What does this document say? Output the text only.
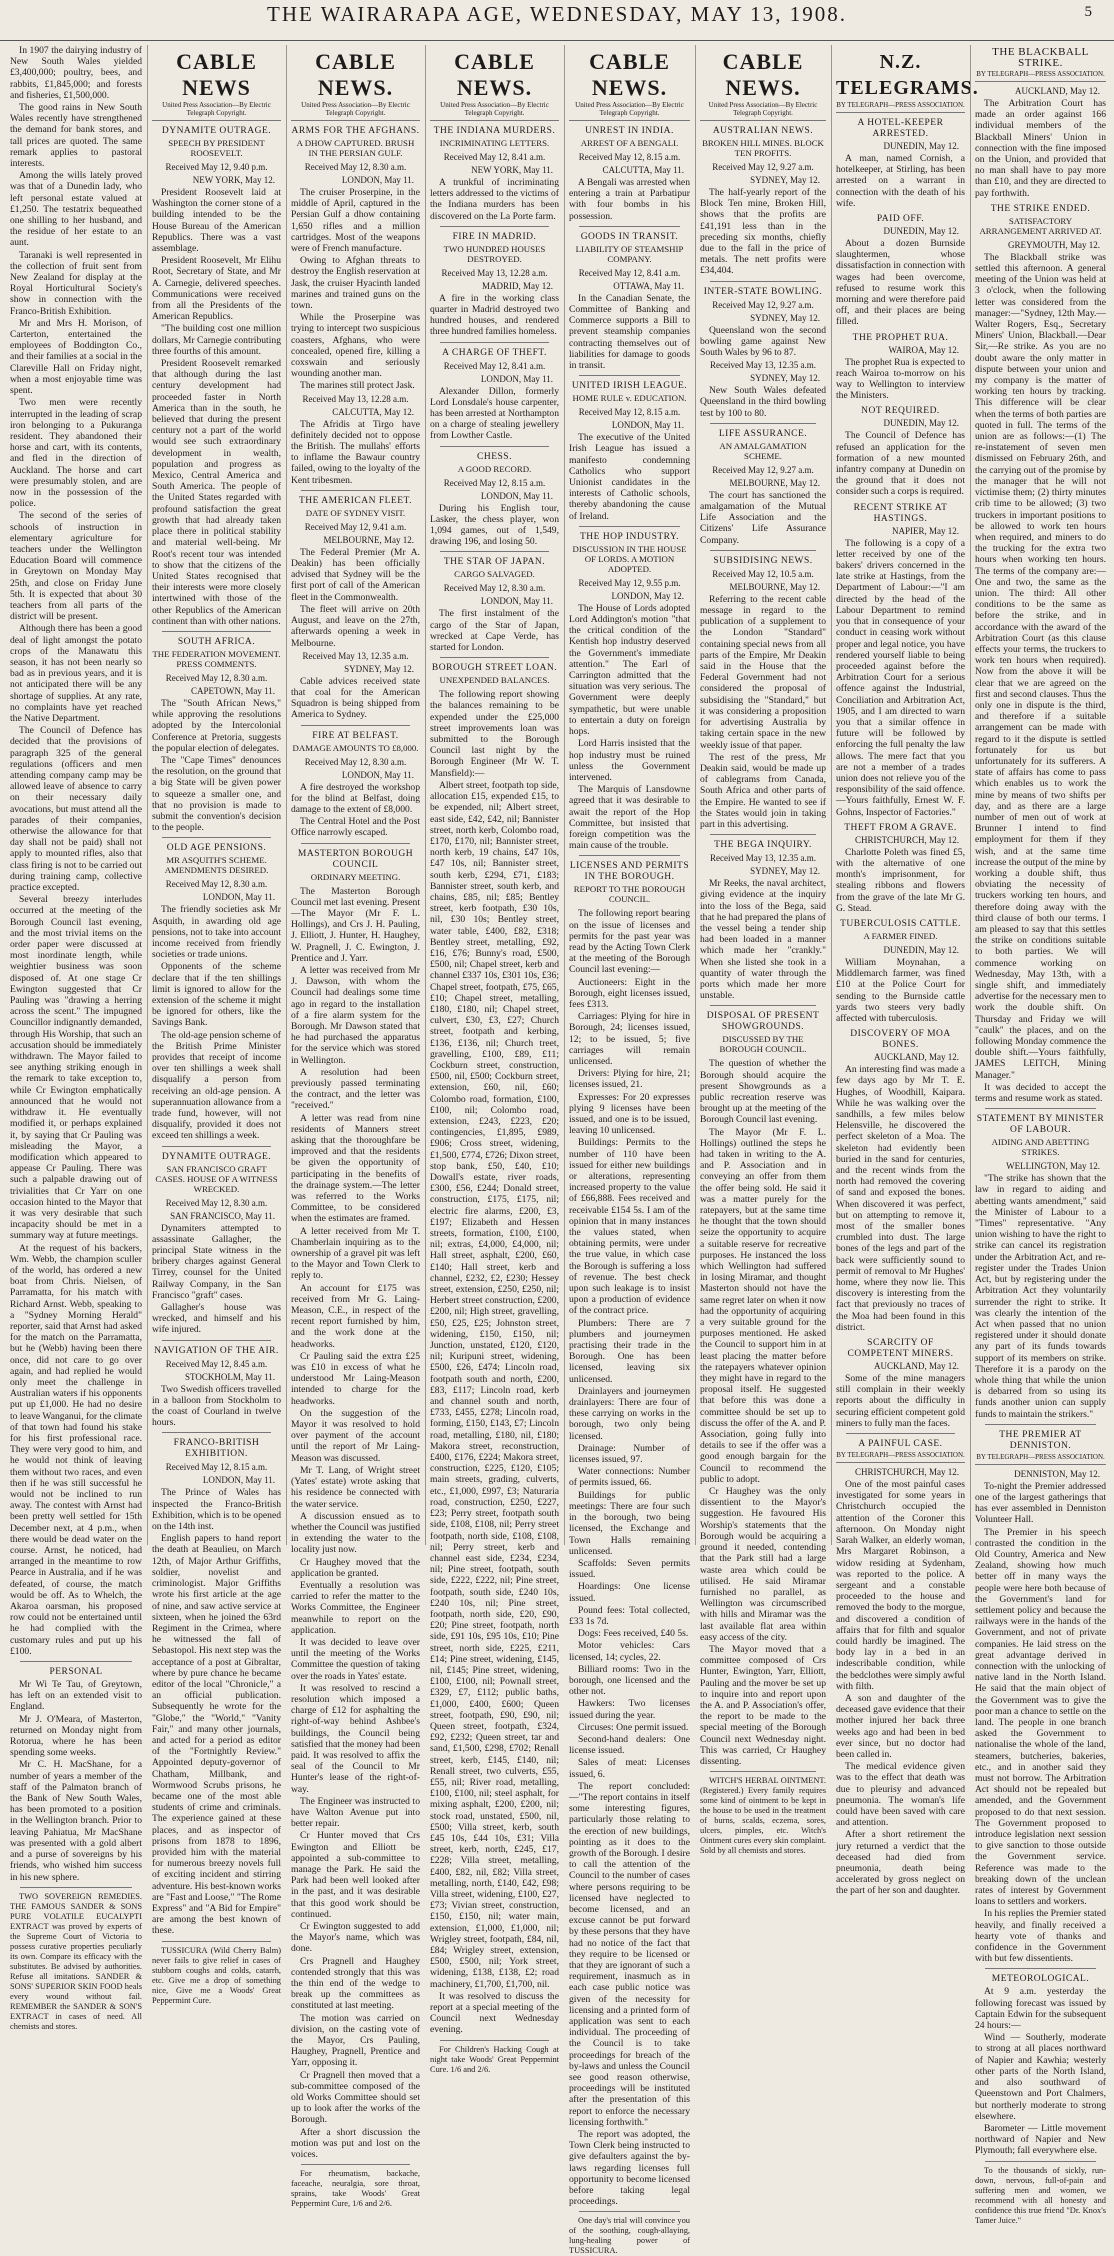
THE WAIRARAPA AGE, WEDNESDAY, MAY 13, 1908.	5

In 1907 the dairying industry of New South Wales yielded £3,400,000; poultry, bees, and rabbits, £1,845,000; and forests and fisheries, £1,500,000.

The good rains in New South Wales recently have strengthened the demand for bank stores, and tall prices are quoted. The same remark applies to pastoral interests.

Among the wills lately proved was that of a Dunedin lady, who left personal estate valued at £1,250. The testatrix bequeathed one shilling to her husband, and the residue of her estate to an aunt.

Taranaki is well represented in the collection of fruit sent from New Zealand for display at the Royal Horticultural Society's show in connection with the Franco-British Exhibition.

Mr and Mrs H. Morison, of Carterton, entertained the employees of Boddington Co., and their families at a social in the Clareville Hall on Friday night, when a most enjoyable time was spent.

Two men were recently interrupted in the leading of scrap iron belonging to a Pukuranga resident. They abandoned their horse and cart, with its contents, and fled in the direction of Auckland. The horse and cart were presumably stolen, and are now in the possession of the police.

The second of the series of schools of instruction in elementary agriculture for teachers under the Wellington Education Board will commence in Greytown on Monday May 25th, and close on Friday June 5th. It is expected that about 30 teachers from all parts of the district will be present.

Although there has been a good deal of light amongst the potato crops of the Manawatu this season, it has not been nearly so bad as in previous years, and it is not anticipated there will be any shortage of supplies. At any rate, no complaints have yet reached the Native Department.

The Council of Defence has decided that the provisions of paragraph 325 of the general regulations (officers and men attending company camp may be allowed leave of absence to carry on their necessary daily avocations, but must attend all the parades of their companies, otherwise the allowance for that day shall not be paid) shall not apply to mounted rifles, also that class firing is not to be carried out during training camp, collective practice excepted.

Several breezy interludes occurred at the meeting of the Borough Council last evening, and the most trivial items on the order paper were discussed at most inordinate length, while weightier business was soon disposed of. At one stage Cr Ewington suggested that Cr Pauling was "drawing a herring across the scent." The impugned Councillor indignantly demanded, through His Worship, that such an accusation should be immediately withdrawn. The Mayor failed to see anything striking enough in the remark to take exception to, while Cr Ewington emphatically announced that he would not withdraw it. He eventually modified it, or perhaps explained it, by saying that Cr Pauling was misleading the Mayor, a modification which appeared to appease Cr Pauling. There was such a palpable drawing out of trivialities that Cr Yarr on one occasion hinted to the Mayor that it was very desirable that such incapacity should be met in a summary way at future meetings.

At the request of his backers, Wm. Webb, the champion sculler of the world, has ordered a new boat from Chris. Nielsen, of Parramatta, for his match with Richard Arnst. Webb, speaking to a "Sydney Morning Herald" reporter, said that Arnst had asked for the match on the Parramatta, but he (Webb) having been there once, did not care to go over again, and had replied he would only meet the challenge in Australian waters if his opponents put up £1,000. He had no desire to leave Wanganui, for the climate of that town had found his stake for his first professional race. They were very good to him, and he would not think of leaving them without two races, and even then if he was still successful he would not be inclined to run away. The contest with Arnst had been pretty well settled for 15th December next, at 4 p.m., when there would be dead water on the course. Arnst, he noticed, had arranged in the meantime to row Pearce in Australia, and if he was defeated, of course, the match would be off. As to Whelch, the Akaroa oarsman, his proposed row could not be entertained until he had complied with the customary rules and put up his £100.

PERSONAL

Mr Wi Te Tau, of Greytown, has left on an extended visit to England.

Mr J. O'Meara, of Masterton, returned on Monday night from Rotorua, where he has been spending some weeks.

Mr C. H. MacShane, for a number of years a member of the staff of the Palmaton branch of the Bank of New South Wales, has been promoted to a position in the Wellington branch. Prior to leaving Pahiatua, Mr MacShane was presented with a gold albert and a purse of sovereigns by his friends, who wished him success in his new sphere.

TWO SOVEREIGN REMEDIES. THE FAMOUS SANDER & SONS PURE VOLATILE EUCALYPTI EXTRACT was proved by experts of the Supreme Court of Victoria to possess curative properties peculiarly its own. Compare its efficacy with the substitutes. Be advised by authorities. Refuse all imitations. SANDER & SONS' SUPERIOR SKIN FOOD heals every wound without fail. REMEMBER the SANDER & SON'S EXTRACT in cases of need. All chemists and stores.

CABLE NEWS
United Press Association—By Electric Telegraph Copyright.
DYNAMITE OUTRAGE.
SPEECH BY PRESIDENT ROOSEVELT.
Received May 12, 9.40 p.m.
NEW YORK, May 12.

President Roosevelt laid at Washington the corner stone of a building intended to be the House Bureau of the American Republics. There was a vast assemblage.

President Roosevelt, Mr Elihu Root, Secretary of State, and Mr A. Carnegie, delivered speeches. Communications were received from all the Presidents of the American Republics.

"The building cost one million dollars, Mr Carnegie contributing three fourths of this amount.

President Roosevelt remarked that although during the last century development had proceeded faster in North America than in the south, he believed that during the present century not a part of the world would see such extraordinary development in wealth, population and progress as Mexico, Central America and South America. The people of the United States regarded with profound satisfaction the great growth that had already taken place there in political stability and material well-being. Mr Root's recent tour was intended to show that the citizens of the United States recognised that their interests were more closely intertwined with those of the other Republics of the American continent than with other nations.

SOUTH AFRICA.
THE FEDERATION MOVEMENT. PRESS COMMENTS.
Received May 12, 8.30 a.m.
CAPETOWN, May 11.

The "South African News," while approving the resolutions adopted by the Intercolonial Conference at Pretoria, suggests the popular election of delegates.

The "Cape Times" denounces the resolution, on the ground that a big State will be given power to squeeze a smaller one, and that no provision is made to submit the convention's decision to the people.

OLD AGE PENSIONS.
MR ASQUITH'S SCHEME. AMENDMENTS DESIRED.
Received May 12, 8.30 a.m.
LONDON, May 11.

The friendly societies ask Mr Asquith, in awarding old age pensions, not to take into account income received from friendly societies or trade unions.

Opponents of the scheme declare that if the ten shillings limit is ignored to allow for the extension of the scheme it might be ignored for others, like the Savings Bank.

The old-age pension scheme of the British Prime Minister provides that receipt of income over ten shillings a week shall disqualify a person from receiving an old-age pension. A superannuation allowance from a trade fund, however, will not disqualify, provided it does not exceed ten shillings a week.

DYNAMITE OUTRAGE.
SAN FRANCISCO GRAFT CASES. HOUSE OF A WITNESS WRECKED.
Received May 12, 8.30 a.m.
SAN FRANCISCO, May 11.

Dynamiters attempted to assassinate Gallagher, the principal State witness in the bribery charges against General Tirrey, counsel for the United Railway Company, in the San Francisco "graft" cases.

Gallagher's house was wrecked, and himself and his wife injured.

NAVIGATION OF THE AIR.
Received May 12, 8.45 a.m.
STOCKHOLM, May 11.

Two Swedish officers travelled in a balloon from Stockholm to the coast of Courland in twelve hours.

FRANCO-BRITISH EXHIBITION.
Received May 12, 8.15 a.m.
LONDON, May 11.

The Prince of Wales has inspected the Franco-British Exhibition, which is to be opened on the 14th inst.

English papers to hand report the death at Beaulieu, on March 12th, of Major Arthur Griffiths, soldier, novelist and criminologist. Major Griffiths wrote his first article at the age of nine, and saw active service at sixteen, when he joined the 63rd Regiment in the Crimea, where he witnessed the fall of Sebastopol. His next step was the acceptance of a post at Gibraltar, where by pure chance he became editor of the local "Chronicle," a an official publication. Subsequently he wrote for the "Globe," the "World," "Vanity Fair," and many other journals, and acted for a period as editor of the "Fortnightly Review." Appointed deputy-governor of Chatham, Millbank, and Wormwood Scrubs prisons, he became one of the most able students of crime and criminals. The experience gained at these places, and as inspector of prisons from 1878 to 1896, provided him with the material for numerous breezy novels full of exciting incident and stirring adventure. His best-known works are "Fast and Loose," "The Rome Express" and "A Bid for Empire" are among the best known of these.

TUSSICURA (Wild Cherry Balm) never fails to give relief in cases of stubborn coughs and colds, catarrh, etc. Give me a drop of something nice, Give me a Woods' Great Peppermint Cure.

CABLE NEWS.
United Press Association—By Electric Telegraph Copyright.
ARMS FOR THE AFGHANS.
A DHOW CAPTURED. BRUSH IN THE PERSIAN GULF.
Received May 12, 8.30 a.m.
LONDON, May 11.

The cruiser Proserpine, in the middle of April, captured in the Persian Gulf a dhow containing 1,650 rifles and a million cartridges. Most of the weapons were of French manufacture.

Owing to Afghan threats to destroy the English reservation at Jask, the cruiser Hyacinth landed marines and trained guns on the town.

While the Proserpine was trying to intercept two suspicious coasters, Afghans, who were concealed, opened fire, killing a coxswain and seriously wounding another man.

The marines still protect Jask.

Received May 13, 12.28 a.m.
CALCUTTA, May 12.

The Afridis at Tirgo have definitely decided not to oppose the British. The mullahs' efforts to inflame the Bawaur country failed, owing to the loyalty of the Kent tribesmen.

THE AMERICAN FLEET.
DATE OF SYDNEY VISIT.
Received May 12, 9.41 a.m.
MELBOURNE, May 12.

The Federal Premier (Mr A. Deakin) has been officially advised that Sydney will be the first port of call of the American fleet in the Commonwealth.

The fleet will arrive on 20th August, and leave on the 27th, afterwards opening a week in Melbourne.

Received May 13, 12.35 a.m.
SYDNEY, May 12.

Cable advices received state that coal for the American Squadron is being shipped from America to Sydney.

FIRE AT BELFAST.
DAMAGE AMOUNTS TO £8,000.
Received May 12, 8.30 a.m.
LONDON, May 11.

A fire destroyed the workshop for the blind at Belfast, doing damage to the extent of £8,000.

The Central Hotel and the Post Office narrowly escaped.

MASTERTON BOROUGH COUNCIL
ORDINARY MEETING.

The Masterton Borough Council met last evening. Present—The Mayor (Mr F. L. Hollings), and Crs J. H. Pauling, J. Elliott, J. Hunter, H. Haughey, W. Pragnell, J. C. Ewington, J. Prentice and J. Yarr.

A letter was received from Mr J. Dawson, with whom the Council had dealings some time ago in regard to the installation of a fire alarm system for the Borough. Mr Dawson stated that he had purchased the apparatus for the service which was stored in Wellington.

A resolution had been previously passed terminating the contract, and the letter was "received."

A letter was read from nine residents of Manners street asking that the thoroughfare be improved and that the residents be given the opportunity of participating in the benefits of the drainage system.—The letter was referred to the Works Committee, to be considered when the estimates are framed.

A letter received from Mr T. Chamberlain inquiring as to the ownership of a gravel pit was left to the Mayor and Town Clerk to reply to.

An account for £175 was received from Mr G. Laing-Meason, C.E., in respect of the recent report furnished by him, and the work done at the headworks.

Cr Pauling said the extra £25 was £10 in excess of what he understood Mr Laing-Meason intended to charge for the headworks.

On the suggestion of the Mayor it was resolved to hold over payment of the account until the report of Mr Laing-Meason was discussed.

Mr T. Lang, of Wright street (Yates' estate) wrote asking that his residence be connected with the water service.

A discussion ensued as to whether the Council was justified in extending the water to the locality just now.

Cr Haughey moved that the application be granted.

Eventually a resolution was carried to refer the matter to the Works Committee, the Engineer meanwhile to report on the application.

It was decided to leave over until the meeting of the Works Committee the question of taking over the roads in Yates' estate.

It was resolved to rescind a resolution which imposed a charge of £12 for asphalting the right-of-way behind Ashbee's buildings, the Council being satisfied that the money had been paid. It was resolved to affix the seal of the Council to Mr Hunter's lease of the right-of-way.

The Engineer was instructed to have Walton Avenue put into better repair.

Cr Hunter moved that Crs Ewington and Elliott be appointed a sub-committee to manage the Park. He said the Park had been well looked after in the past, and it was desirable that this good work should be continued.

Cr Ewington suggested to add the Mayor's name, which was done.

Crs Pragnell and Haughey contended strongly that this was the thin end of the wedge to break up the committees as constituted at last meeting.

The motion was carried on division, on the casting vote of the Mayor, Crs Pauling, Haughey, Pragnell, Prentice and Yarr, opposing it.

Cr Pragnell then moved that a sub-committee composed of the old Works Committee should set up to look after the works of the Borough.

After a short discussion the motion was put and lost on the voices.

For rheumatism, backache, faceache, neuralgia, sore throat, sprains, take Woods' Great Peppermint Cure, 1/6 and 2/6.

CABLE NEWS.
United Press Association—By Electric Telegraph Copyright.
THE INDIANA MURDERS.
INCRIMINATING LETTERS.
Received May 12, 8.41 a.m.
NEW YORK, May 11.

A trunkful of incriminating letters addressed to the victims of the Indiana murders has been discovered on the La Porte farm.

FIRE IN MADRID.
TWO HUNDRED HOUSES DESTROYED.
Received May 13, 12.28 a.m.
MADRID, May 12.

A fire in the working class quarter in Madrid destroyed two hundred houses, and rendered three hundred families homeless.

A CHARGE OF THEFT.
Received May 12, 8.41 a.m.
LONDON, May 11.

Alexander Dillon, formerly Lord Lonsdale's house carpenter, has been arrested at Northampton on a charge of stealing jewellery from Lowther Castle.

CHESS.
A GOOD RECORD.
Received May 12, 8.15 a.m.
LONDON, May 11.

During his English tour, Lasker, the chess player, won 1,094 games, out of 1,549, drawing 196, and losing 50.

THE STAR OF JAPAN.
CARGO SALVAGED.
Received May 12, 8.30 a.m.
LONDON, May 11.

The first instalment of the cargo of the Star of Japan, wrecked at Cape Verde, has started for London.

BOROUGH STREET LOAN.
UNEXPENDED BALANCES.

The following report showing the balances remaining to be expended under the £25,000 street improvements loan was submitted to the Borough Council last night by the Borough Engineer (Mr W. T. Mansfield):—

Albert street, footpath top side, allocation £15, expended £15, to be expended, nil; Albert street, east side, £42, £42, nil; Bannister street, north kerb, Colombo road, £170, £170, nil; Bannister street, north kerb, 19 chains, £47 10s, £47 10s, nil; Bannister street, south kerb, £294, £71, £183; Bannister street, south kerb, and chains, £85, nil; £85; Bentley street, kerb footpath, £30 10s, nil, £30 10s; Bentley street, water table, £400, £82, £318; Bentley street, metalling, £92, £16, £76; Bunny's road, £500, £500, nil; Chapel street, kerb and channel £337 10s, £301 10s, £36; Chapel street, footpath, £75, £65, £10; Chapel street, metalling, £180, £180, nil; Chapel street, culvert, £30, £3, £27; Church street, footpath and kerbing, £136, £136, nil; Church treet, gravelling, £100, £89, £11; Cockburn street, construction, £500, nil, £500; Cockburn street, extension, £60, nil, £60; Colombo road, formation, £100, £100, nil; Colombo road, extension, £243, £223, £20; contingencies, £1,895, £989, £906; Cross street, widening, £1,500, £774, £726; Dixon street, stop bank, £50, £40, £10; Dowall's estate, river roads, £300, £56, £244; Donald street, construction, £175, £175, nil; electric fire alarms, £200, £3, £197; Elizabeth and Hessen streets, formation, £100, £100, nil; extras, £4,000, £4,000, nil; Hall street, asphalt, £200, £60, £140; Hall street, kerb and channel, £232, £2, £230; Hessey street, extension, £250, £250, nil; Herbert street construction, £200, £200, nil; High street, gravelling, £50, £25, £25; Johnston street, widening, £150, £150, nil; Junction, unstated, £120, £120, nil; Kuripuni street, widening, £500, £26, £474; Lincoln road, footpath south and north, £200, £83, £117; Lincoln road, kerb and channel south and north, £733, £455, £278; Lincoln road, forming, £150, £143, £7; Lincoln road, metalling, £180, nil, £180; Makora street, reconstruction, £400, £176, £224; Makora street, construction, £225, £120, £105; main streets, grading, culverts, etc., £1,000, £997, £3; Naturaria road, construction, £250, £227, £23; Perry street, footpath south side, £108, £108, nil; Perry street footpath, north side, £108, £108, nil; Perry street, kerb and channel east side, £234, £234, nil; Pine street, footpath, south side, £222, £222, nil; Pine street, footpath, south side, £240 10s, £240 10s, nil; Pine street, footpath, north side, £20, £90, £20; Pine street, footpath, north side, £91 10s, £95 10s, £10; Pine street, north side, £225, £211, £14; Pine street, widening, £145, nil, £145; Pine street, widening, £100, £100, nil; Pownall street, £329, £7, £112; public baths, £1,000, £400, £600; Queen street, footpath, £90, £90, nil; Queen street, footpath, £324, £92, £232; Queen street, tar and sand, £1,500, £298, £702; Renall street, kerb, £145, £140, nil; Renall street, two culverts, £55, £55, nil; River road, metalling, £100, £100, nil; steel asphalt, for mixing asphalt, £200, £200, nil; stock road, unstated, £500, nil, £500; Villa street, kerb, south £45 10s, £44 10s, £31; Villa street, kerb, north, £245, £17, £228; Villa street, metalling, £400, £82, nil, £82; Villa street, metalling, north, £140, £42, £98; Villa street, widening, £100, £27, £73; Vivian street, construction, £150, £150, nil; water main, extension, £1,000, £1,000, nil; Wrigley street, footpath, £84, nil, £84; Wrigley street, extension, £500, £500, nil; York street, widening, £138, £138, £2; road machinery, £1,700, £1,700, nil.

It was resolved to discuss the report at a special meeting of the Council next Wednesday evening.

For Children's Hacking Cough at night take Woods' Great Peppermint Cure. 1/6 and 2/6.

CABLE NEWS.
United Press Association—By Electric Telegraph Copyright.
UNREST IN INDIA.
ARREST OF A BENGALI.
Received May 12, 8.15 a.m.
CALCUTTA, May 11.

A Bengali was arrested when entering a train at Parbatipur with four bombs in his possession.

GOODS IN TRANSIT.
LIABILITY OF STEAMSHIP COMPANY.
Received May 12, 8.41 a.m.
OTTAWA, May 11.

In the Canadian Senate, the Committee of Banking and Commerce supports a Bill to prevent steamship companies contracting themselves out of liabilities for damage to goods in transit.

UNITED IRISH LEAGUE.
HOME RULE v. EDUCATION.
Received May 12, 8.15 a.m.
LONDON, May 11.

The executive of the United Irish League has issued a manifesto condemning Catholics who support Unionist candidates in the interests of Catholic schools, thereby abandoning the cause of Ireland.

THE HOP INDUSTRY.
DISCUSSION IN THE HOUSE OF LORDS. A MOTION ADOPTED.
Received May 12, 9.55 p.m.
LONDON, May 12.

The House of Lords adopted Lord Addington's motion "that the critical condition of the Kentish hop industry deserved the Government's immediate attention." The Earl of Carrington admitted that the situation was very serious. The Government were deeply sympathetic, but were unable to entertain a duty on foreign hops.

Lord Harris insisted that the hop industry must be ruined unless the Government intervened.

The Marquis of Lansdowne agreed that it was desirable to await the report of the Hop Committee, but insisted that foreign competition was the main cause of the trouble.

LICENSES AND PERMITS IN THE BOROUGH.
REPORT TO THE BOROUGH COUNCIL.

The following report bearing on the issue of licenses and permits for the past year was read by the Acting Town Clerk at the meeting of the Borough Council last evening:—

Auctioneers: Eight in the Borough, eight licenses issued, fees £313.

Carriages: Plying for hire in Borough, 24; licenses issued, 12; to be issued, 5; five carriages will remain unlicensed.

Drivers: Plying for hire, 21; licenses issued, 21.

Expresses: For 20 expresses plying 9 licenses have been issued, and one is to be issued, leaving 10 unlicensed.

Buildings: Permits to the number of 110 have been issued for either new buildings or alterations, representing increased property to the value of £66,888. Fees received and receivable £154 5s. I am of the opinion that in many instances the values stated, when obtaining permits, were under the true value, in which case the Borough is suffering a loss of revenue. The best check upon such leakage is to insist upon a production of evidence of the contract price.

Plumbers: There are 7 plumbers and journeymen practising their trade in the Borough. One has been licensed, leaving six unlicensed.

Drainlayers and journeymen drainlayers: There are four of these carrying on works in the borough, two only being licensed.

Drainage: Number of licenses issued, 97.

Water connections: Number of permits issued, 66.

Buildings for public meetings: There are four such in the borough, two being licensed, the Exchange and Town Halls remaining unlicensed.

Scaffolds: Seven permits issued.

Hoardings: One license issued.

Pound fees: Total collected, £33 1s 7d.

Dogs: Fees received, £40 5s.

Motor vehicles: Cars licensed, 14; cycles, 22.

Billiard rooms: Two in the borough, one licensed and the other not.

Hawkers: Two licenses issued during the year.

Circuses: One permit issued.

Second-hand dealers: One license issued.

Sales of meat: Licenses issued, 6.

The report concluded:—"The report contains in itself some interesting figures, particularly those relating to the erection of new buildings, pointing as it does to the growth of the Borough. I desire to call the attention of the Council to the number of cases where persons requiring to be licensed have neglected to become licensed, and an excuse cannot be put forward by these persons that they have had no notice of the fact that they require to be licensed or that they are ignorant of such a requirement, inasmuch as in each case public notice was given of the necessity for licensing and a printed form of application was sent to each individual. The proceeding of the Council is to take proceedings for breach of the by-laws and unless the Council see good reason otherwise, proceedings will be instituted after the presentation of this report to enforce the necessary licensing forthwith."

The report was adopted, the Town Clerk being instructed to give defaulters against the by-laws regarding licenses full opportunity to become licensed before taking legal proceedings.

One day's trial will convince you of the soothing, cough-allaying, lung-healing power of TUSSICURA.

CABLE NEWS.
United Press Association—By Electric Telegraph Copyright.
AUSTRALIAN NEWS.
BROKEN HILL MINES. BLOCK TEN PROFITS.
Received May 12, 9.27 a.m.
SYDNEY, May 12.

The half-yearly report of the Block Ten mine, Broken Hill, shows that the profits are £41,191 less than in the preceding six months, chiefly due to the fall in the price of metals. The nett profits were £34,404.

INTER-STATE BOWLING.
Received May 12, 9.27 a.m.
SYDNEY, May 12.

Queensland won the second bowling game against New South Wales by 96 to 87.

Received May 13, 12.35 a.m.
SYDNEY, May 12.

New South Wales defeated Queensland in the third bowling test by 100 to 80.

LIFE ASSURANCE.
AN AMALGAMATION SCHEME.
Received May 12, 9.27 a.m.
MELBOURNE, May 12.

The court has sanctioned the amalgamation of the Mutual Life Association and the Citizens' Life Assurance Company.

SUBSIDISING NEWS.
Received May 12, 10.5 a.m.
MELBOURNE, May 12.

Referring to the recent cable message in regard to the publication of a supplement to the London "Standard" containing special news from all parts of the Empire, Mr Deakin said in the House that the Federal Government had not considered the proposal of subsidising the "Standard," but it was considering a proposition for advertising Australia by taking certain space in the new weekly issue of that paper.

The rest of the press, Mr Deakin said, would be made up of cablegrams from Canada, South Africa and other parts of the Empire. He wanted to see if the States would join in taking part in this advertising.

THE BEGA INQUIRY.
Received May 13, 12.35 a.m.
SYDNEY, May 12.

Mr Reeks, the naval architect, giving evidence at the inquiry into the loss of the Bega, said that he had prepared the plans of the vessel being a tender ship had been loaded in a manner which made her "crankly." When she listed she took in a quantity of water through the ports which made her more unstable.

DISPOSAL OF PRESENT SHOWGROUNDS.
DISCUSSED BY THE BOROUGH COUNCIL.

The question of whether the Borough should acquire the present Showgrounds as a public recreation reserve was brought up at the meeting of the Borough Council last evening.

The Mayor (Mr F. L. Hollings) outlined the steps he had taken in writing to the A. and P. Association and in conveying an offer from them the offer being sold. He said it was a matter purely for the ratepayers, but at the same time he thought that the town should seize the opportunity to acquire a suitable reserve for recreative purposes. He instanced the loss which Wellington had suffered in losing Miramar, and thought Masterton should not have the same regret later on when it now had the opportunity of acquiring a very suitable ground for the purposes mentioned. He asked the Council to support him in at least placing the matter before the ratepayers whatever opinion they might have in regard to the proposal itself. He suggested that before this was done a committee should be set up to discuss the offer of the A. and P. Association, going fully into details to see if the offer was a good enough bargain for the Council to recommend the public to adopt.

Cr Haughey was the only dissentient to the Mayor's suggestion. He favoured His Worship's statements that the Borough would be acquiring a ground it needed, contending that the Park still had a large waste area which could be utilised. He said Miramar furnished no parallel, as Wellington was circumscribed with hills and Miramar was the last available flat area within easy access of the city.

The Mayor moved that a committee composed of Crs Hunter, Ewington, Yarr, Elliott, Pauling and the mover be set up to inquire into and report upon the A. and P. Association's offer, the report to be made to the special meeting of the Borough Council next Wednesday night. This was carried, Cr Haughey dissenting.

WITCH'S HERBAL OINTMENT. (Registered.) Every family requires some kind of ointment to be kept in the house to be used in the treatment of burns, scalds, eczema, sores, ulcers, pimples, etc. Witch's Ointment cures every skin complaint. Sold by all chemists and stores.

N.Z. TELEGRAMS.
BY TELEGRAPH—PRESS ASSOCIATION.
A HOTEL-KEEPER ARRESTED.
DUNEDIN, May 12.

A man, named Cornish, a hotelkeeper, at Stirling, has been arrested on a warrant in connection with the death of his wife.

PAID OFF.
DUNEDIN, May 12.

About a dozen Burnside slaughtermen, whose dissatisfaction in connection with wages had been overcome, refused to resume work this morning and were therefore paid off, and their places are being filled.

THE PROPHET RUA.
WAIROA, May 12.

The prophet Rua is expected to reach Wairoa to-morrow on his way to Wellington to interview the Ministers.

NOT REQUIRED.
DUNEDIN, May 12.

The Council of Defence has refused an application for the formation of a new mounted infantry company at Dunedin on the ground that it does not consider such a corps is required.

RECENT STRIKE AT HASTINGS.
NAPIER, May 12.

The following is a copy of a letter received by one of the bakers' drivers concerned in the late strike at Hastings, from the Department of Labour:—"I am directed by the head of the Labour Department to remind you that in consequence of your conduct in ceasing work without proper and legal notice, you have rendered yourself liable to being proceeded against before the Arbitration Court for a serious offence against the Industrial, Conciliation and Arbitration Act, 1905, and I am directed to warn you that a similar offence in future will be followed by enforcing the full penalty the law allows. The mere fact that you are not a member of a trades union does not relieve you of the responsibility of the said offence.—Yours faithfully, Ernest W. F. Gohns, Inspector of Factories."

THEFT FROM A GRAVE.
CHRISTCHURCH, May 12.

Charlotte Poleth was fined £5, with the alternative of one month's imprisonment, for stealing ribbons and flowers from the grave of the late Mr G. G. Stead.

TUBERCULOSIS CATTLE.
A FARMER FINED.
DUNEDIN, May 12.

William Moynahan, a Middlemarch farmer, was fined £10 at the Police Court for sending to the Burnside cattle yards two steers very badly affected with tuberculosis.

DISCOVERY OF MOA BONES.
AUCKLAND, May 12.

An interesting find was made a few days ago by Mr T. E. Hughes, of Woodhill, Kaipara. While he was walking over the sandhills, a few miles below Helensville, he discovered the perfect skeleton of a Moa. The skeleton had evidently been buried in the sand for centuries, and the recent winds from the north had removed the covering of sand and exposed the bones. When discovered it was perfect, but on attempting to remove it, most of the smaller bones crumbled into dust. The large bones of the legs and part of the back were sufficiently sound to permit of removal to Mr Hughes' home, where they now lie. This discovery is interesting from the fact that previously no traces of the Moa had been found in this district.

SCARCITY OF COMPETENT MINERS.
AUCKLAND, May 12.

Some of the mine managers still complain in their weekly reports about the difficulty in securing efficient competent gold miners to fully man the faces.

A PAINFUL CASE.
BY TELEGRAPH—PRESS ASSOCIATION.
CHRISTCHURCH, May 12.

One of the most painful cases investigated for some years in Christchurch occupied the attention of the Coroner this afternoon. On Monday night Sarah Walker, an elderly woman, Mrs Margaret Robinson, a widow residing at Sydenham, was reported to the police. A sergeant and a constable proceeded to the house and removed the body to the morgue, and discovered a condition of affairs that for filth and squalor could hardly be imagined. The body lay in a bed in an indescribable condition, while the bedclothes were simply awful with filth.

A son and daughter of the deceased gave evidence that their mother injured her back three weeks ago and had been in bed ever since, but no doctor had been called in.

The medical evidence given was to the effect that death was due to pleurisy and advanced pneumonia. The woman's life could have been saved with care and attention.

After a short retirement the jury returned a verdict that the deceased had died from pneumonia, death being accelerated by gross neglect on the part of her son and daughter.

THE BLACKBALL STRIKE.
BY TELEGRAPH—PRESS ASSOCIATION.
AUCKLAND, May 12.

The Arbitration Court has made an order against 166 individual members of the Blackball Miners' Union in connection with the fine imposed on the Union, and provided that no man shall have to pay more than £10, and they are directed to pay forthwith.

THE STRIKE ENDED.
SATISFACTORY ARRANGEMENT ARRIVED AT.
GREYMOUTH, May 12.

The Blackball strike was settled this afternoon. A general meeting of the Union was held at 3 o'clock, when the following letter was considered from the manager:—"Sydney, 12th May.—Walter Rogers, Esq., Secretary Miners' Union, Blackball.—Dear Sir,—Re strike. As you are no doubt aware the only matter in dispute between your union and my company is the matter of working ten hours by tracking. This difference will be clear when the terms of both parties are quoted in full. The terms of the union are as follows:—(1) The re-instatement of seven men dismissed on February 26th, and the carrying out of the promise by the manager that he will not victimise them; (2) thirty minutes crib time to be allowed; (3) two truckers in important positions to be allowed to work ten hours when required, and miners to do the trucking for the extra two hours when working ten hours. The terms of the company are:—One and two, the same as the union. The third: All other conditions to be the same as before the strike, and in accordance with the award of the Arbitration Court (as this clause effects your terms, the truckers to work ten hours when required). Now from the above it will be clear that we are agreed on the first and second clauses. Thus the only one in dispute is the third, and therefore if a suitable arrangement can be made with regard to it the dispute is settled fortunately for us but unfortunately for its sufferers. A state of affairs has come to pass which enables us to work the mine by means of two shifts per day, and as there are a large number of men out of work at Brunner I intend to find employment for them if they wish, and at the same time increase the output of the mine by working a double shift, thus obviating the necessity of truckers working ten hours, and therefore doing away with the third clause of both our terms. I am pleased to say that this settles the strike on conditions suitable to both parties. We will commence working on Wednesday, May 13th, with a single shift, and immediately advertise for the necessary men to work the double shift. On Thursday and Friday we will "caulk" the places, and on the following Monday commence the double shift.—Yours faithfully, JAMES LEITCH, Mining Manager."

It was decided to accept the terms and resume work as stated.

STATEMENT BY MINISTER OF LABOUR.
AIDING AND ABETTING STRIKES.
WELLINGTON, May 12.

"The strike has shown that the law in regard to aiding and abetting wants amendment," said the Minister of Labour to a "Times" representative. "Any union wishing to have the right to strike can cancel its registration under the Arbitration Act, and re-register under the Trades Union Act, but by registering under the Arbitration Act they voluntarily surrender the right to strike. It was clearly the intention of the Act when passed that no union registered under it should donate any part of its funds towards support of its members on strike. Therefore it is a parody on the whole thing that while the union is debarred from so using its funds another union can supply funds to maintain the strikers."

THE PREMIER AT DENNISTON.
BY TELEGRAPH—PRESS ASSOCIATION.
DENNISTON, May 12.

To-night the Premier addressed one of the largest gatherings that has ever assembled in Denniston Volunteer Hall.

The Premier in his speech contrasted the condition in the Old Country, America and New Zealand, showing how much better off in many ways the people were here both because of the Government's land for settlement policy and because the railways were in the hands of the Government, and not of private companies. He laid stress on the great advantage derived in connection with the unlocking of native land in the North Island. He said that the main object of the Government was to give the poor man a chance to settle on the land. The people in one branch asked the Government to nationalise the whole of the land, steamers, butcheries, bakeries, etc., and in another said they must not borrow. The Arbitration Act should not be repealed but amended, and the Government proposed to do that next session. The Government proposed to introduce legislation next session to give sanction to those outside the Government service. Reference was made to the breaking down of the unclean rates of interest by Government loans to settlers and workers.

In his replies the Premier stated heavily, and finally received a hearty vote of thanks and confidence in the Government with but few dissentients.

METEOROLOGICAL.

At 9 a.m. yesterday the following forecast was issued by Captain Edwin for the subsequent 24 hours:—

Wind — Southerly, moderate to strong at all places northward of Napier and Kawhia; westerly other parts of the North Island, and also southward of Queenstown and Port Chalmers, but northerly moderate to strong elsewhere.

Barometer — Little movement northward of Napier and New Plymouth; fall everywhere else.

To the thousands of sickly, run-down, nervous, full-of-pain and suffering men and women, we recommend with all honesty and confidence this true friend "Dr. Knox's Tamer Juice."
